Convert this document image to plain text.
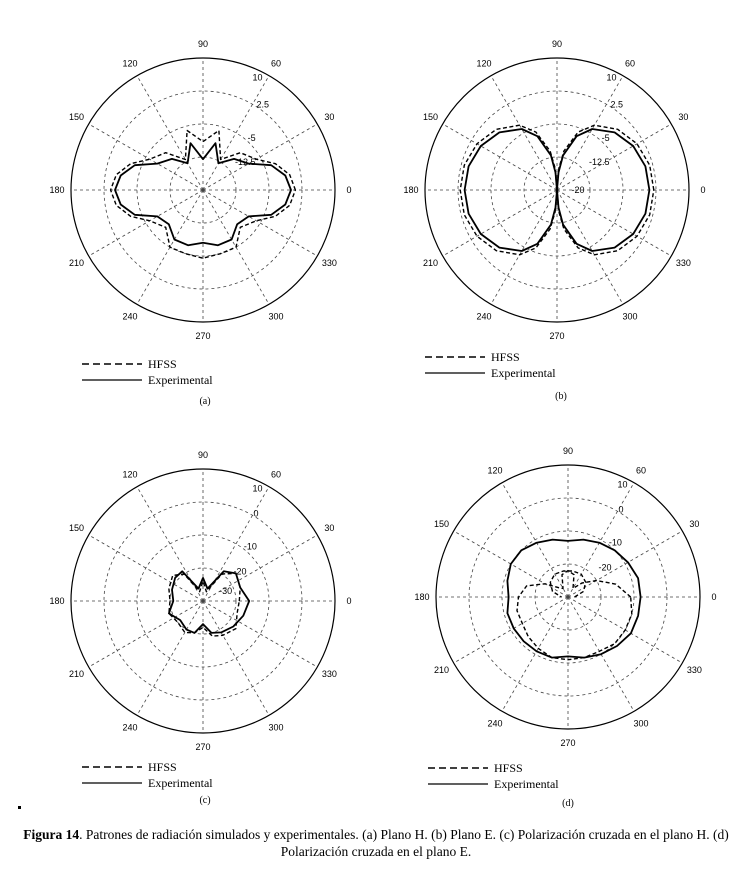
0
30
60
90
120
150
180
210
240
270
300
330
10
2.5
-5
-12.5
HFSS
Experimental
(a)
0
30
60
90
120
150
180
210
240
270
300
330
10
2.5
-5
-12.5
-20
HFSS
Experimental
(b)
0
30
60
90
120
150
180
210
240
270
300
330
10
0
-10
-20
-30
HFSS
Experimental
(c)
0
30
60
90
120
150
180
210
240
270
300
330
10
0
-10
-20
HFSS
Experimental
(d)
Figura 14. Patrones de radiación simulados y experimentales. (a) Plano H. (b) Plano E. (c) Polarización cruzada en el plano H. (d) Polarización cruzada en el plano E.
